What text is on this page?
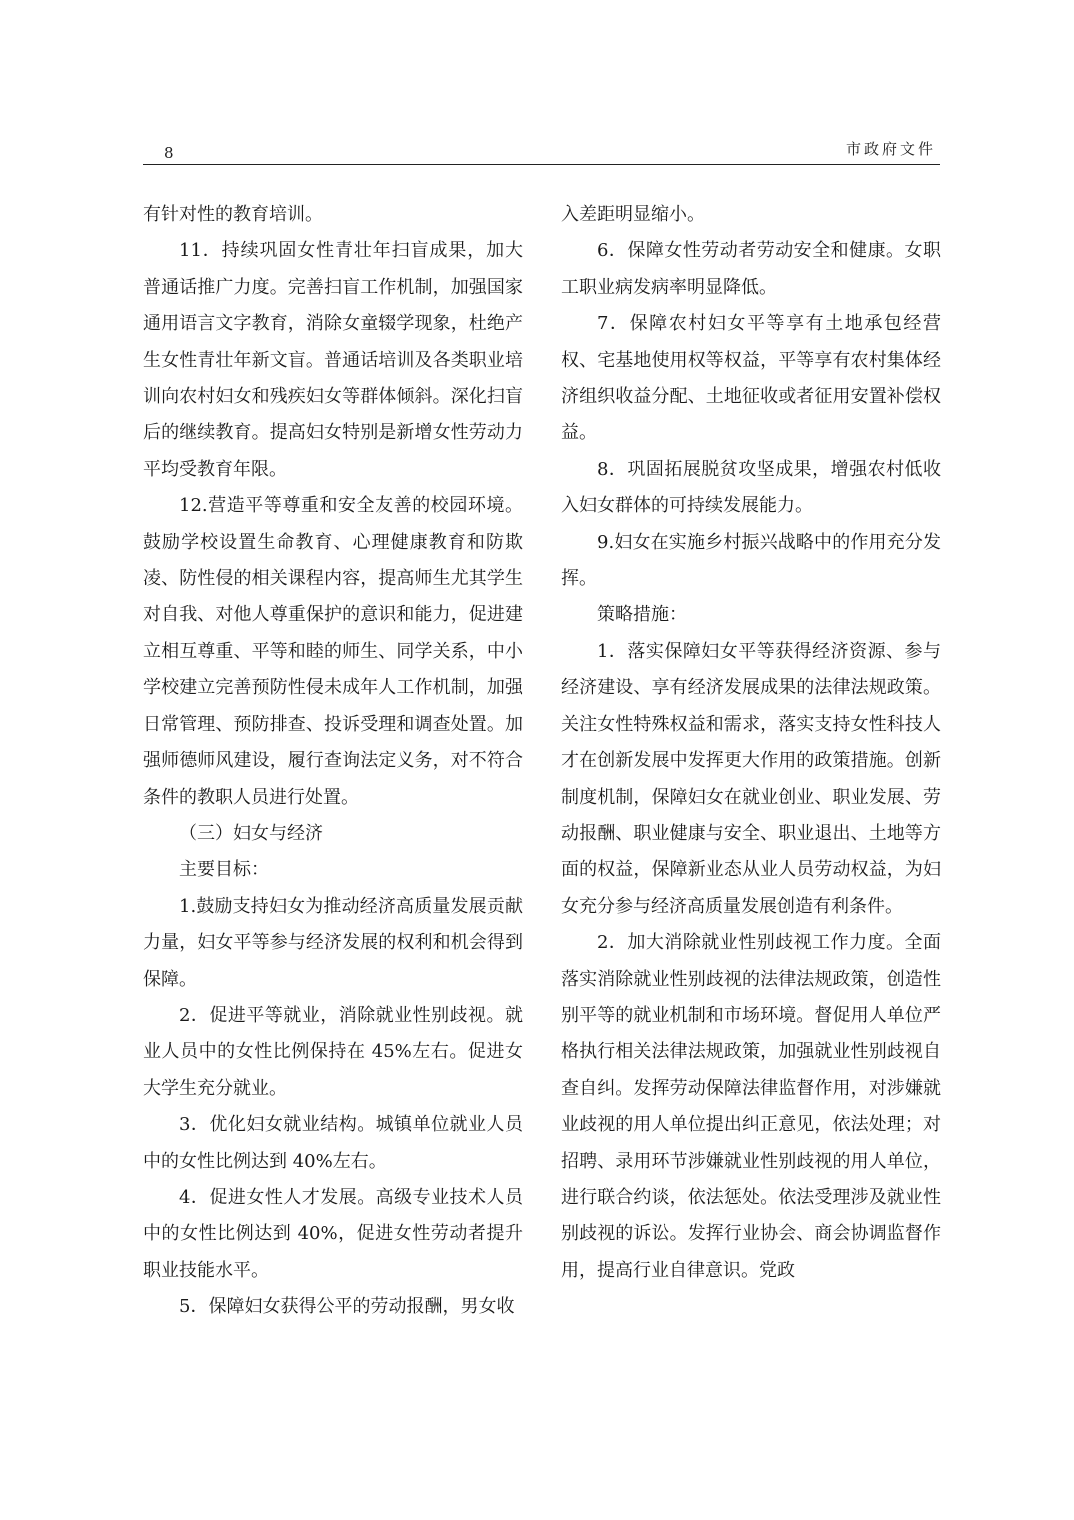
8	市政府文件

有针对性的教育培训。

11．持续巩固女性青壮年扫盲成果，加大普通话推广力度。完善扫盲工作机制，加强国家通用语言文字教育，消除女童辍学现象，杜绝产生女性青壮年新文盲。普通话培训及各类职业培训向农村妇女和残疾妇女等群体倾斜。深化扫盲后的继续教育。提高妇女特别是新增女性劳动力平均受教育年限。

12.营造平等尊重和安全友善的校园环境。鼓励学校设置生命教育、心理健康教育和防欺凌、防性侵的相关课程内容，提高师生尤其学生对自我、对他人尊重保护的意识和能力，促进建立相互尊重、平等和睦的师生、同学关系，中小学校建立完善预防性侵未成年人工作机制，加强日常管理、预防排查、投诉受理和调查处置。加强师德师风建设，履行查询法定义务，对不符合条件的教职人员进行处置。

（三）妇女与经济

主要目标：

1.鼓励支持妇女为推动经济高质量发展贡献力量，妇女平等参与经济发展的权利和机会得到保障。

2．促进平等就业，消除就业性别歧视。就业人员中的女性比例保持在 45%左右。促进女大学生充分就业。

3．优化妇女就业结构。城镇单位就业人员中的女性比例达到 40%左右。

4．促进女性人才发展。高级专业技术人员中的女性比例达到 40%，促进女性劳动者提升职业技能水平。

5．保障妇女获得公平的劳动报酬，男女收

入差距明显缩小。

6．保障女性劳动者劳动安全和健康。女职工职业病发病率明显降低。

7．保障农村妇女平等享有土地承包经营权、宅基地使用权等权益，平等享有农村集体经济组织收益分配、土地征收或者征用安置补偿权益。

8．巩固拓展脱贫攻坚成果，增强农村低收入妇女群体的可持续发展能力。

9.妇女在实施乡村振兴战略中的作用充分发挥。

策略措施：

1．落实保障妇女平等获得经济资源、参与经济建设、享有经济发展成果的法律法规政策。关注女性特殊权益和需求，落实支持女性科技人才在创新发展中发挥更大作用的政策措施。创新制度机制，保障妇女在就业创业、职业发展、劳动报酬、职业健康与安全、职业退出、土地等方面的权益，保障新业态从业人员劳动权益，为妇女充分参与经济高质量发展创造有利条件。

2．加大消除就业性别歧视工作力度。全面落实消除就业性别歧视的法律法规政策，创造性别平等的就业机制和市场环境。督促用人单位严格执行相关法律法规政策，加强就业性别歧视自查自纠。发挥劳动保障法律监督作用，对涉嫌就业歧视的用人单位提出纠正意见，依法处理；对招聘、录用环节涉嫌就业性别歧视的用人单位，进行联合约谈，依法惩处。依法受理涉及就业性别歧视的诉讼。发挥行业协会、商会协调监督作用，提高行业自律意识。党政
